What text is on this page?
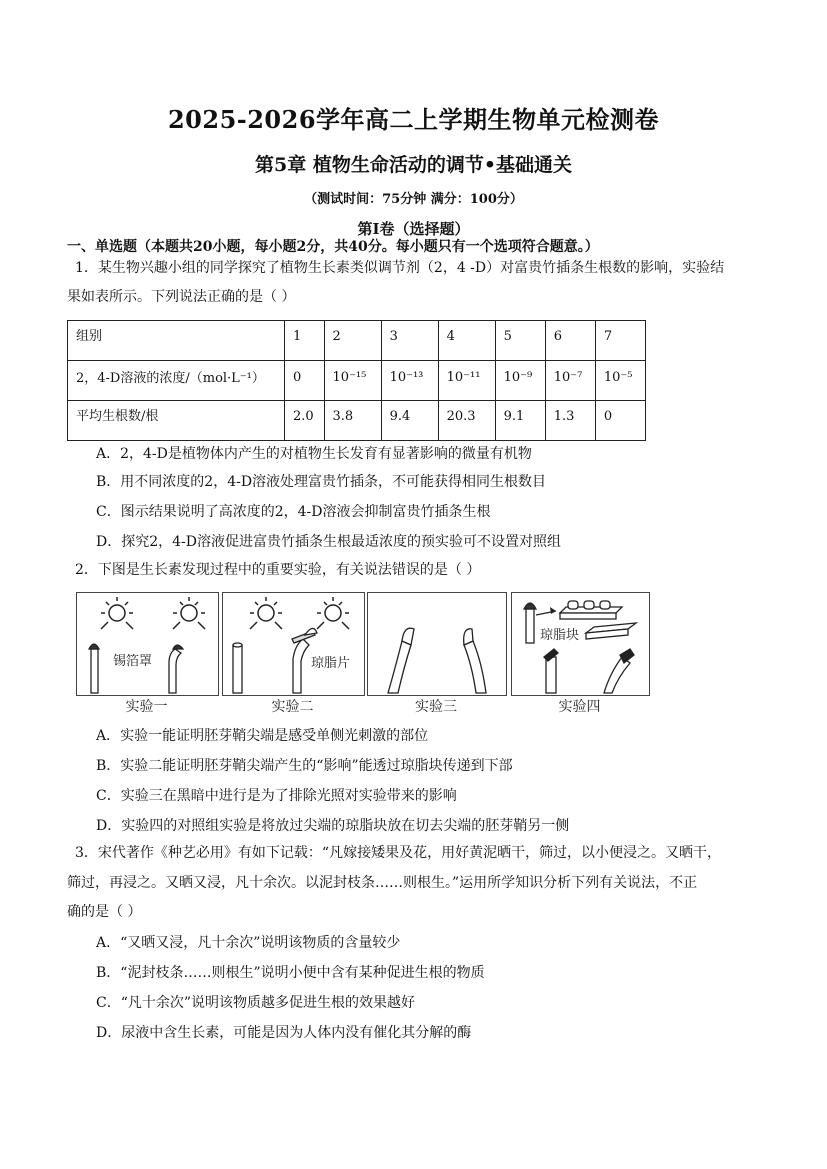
2025-2026学年高二上学期生物单元检测卷
第5章 植物生命活动的调节•基础通关
（测试时间：75分钟 满分：100分）
第Ⅰ卷（选择题）
一、单选题（本题共20小题，每小题2分，共40分。每小题只有一个选项符合题意。）
1．某生物兴趣小组的同学探究了植物生长素类似调节剂（2，4 -D）对富贵竹插条生根数的影响，实验结
果如表所示。下列说法正确的是（ ）
组别	1	2	3	4	5	6	7
2，4-D溶液的浓度/（mol·L⁻¹）	0	10⁻¹⁵	10⁻¹³	10⁻¹¹	10⁻⁹	10⁻⁷	10⁻⁵
平均生根数/根	2.0	3.8	9.4	20.3	9.1	1.3	0
A．2，4-D是植物体内产生的对植物生长发育有显著影响的微量有机物
B．用不同浓度的2，4-D溶液处理富贵竹插条，不可能获得相同生根数目
C．图示结果说明了高浓度的2，4-D溶液会抑制富贵竹插条生根
D．探究2，4-D溶液促进富贵竹插条生根最适浓度的预实验可不设置对照组
2．下图是生长素发现过程中的重要实验，有关说法错误的是（ ）
锡箔罩
实验一
琼脂片
实验二	实验三
琼脂块
实验四
A．实验一能证明胚芽鞘尖端是感受单侧光刺激的部位
B．实验二能证明胚芽鞘尖端产生的“影响”能透过琼脂块传递到下部
C．实验三在黑暗中进行是为了排除光照对实验带来的影响
D．实验四的对照组实验是将放过尖端的琼脂块放在切去尖端的胚芽鞘另一侧
3．宋代著作《种艺必用》有如下记载：“凡嫁接矮果及花，用好黄泥晒干，筛过，以小便浸之。又晒干，
筛过，再浸之。又晒又浸，凡十余次。以泥封枝条……则根生。”运用所学知识分析下列有关说法，不正
确的是（ ）
A．“又晒又浸，凡十余次”说明该物质的含量较少
B．“泥封枝条……则根生”说明小便中含有某种促进生根的物质
C．“凡十余次”说明该物质越多促进生根的效果越好
D．尿液中含生长素，可能是因为人体内没有催化其分解的酶
